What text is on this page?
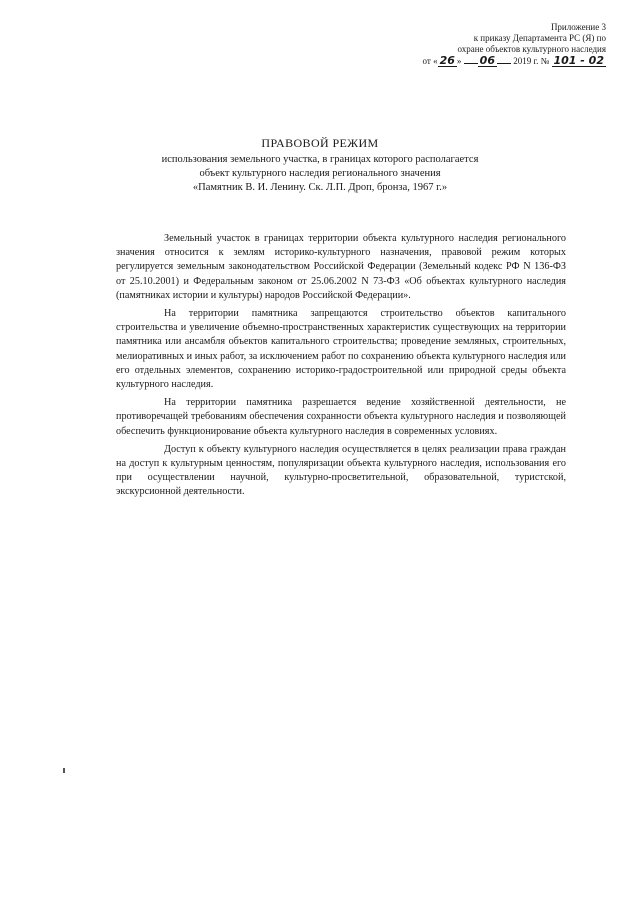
Приложение 3
к приказу Департамента РС (Я) по
охране объектов культурного наследия
от « 26 » 06 2019 г. № 101 - 02
ПРАВОВОЙ РЕЖИМ
использования земельного участка, в границах которого располагается
объект культурного наследия регионального значения
«Памятник В. И. Ленину. Ск. Л.П. Дроп, бронза, 1967 г.»

Земельный участок в границах территории объекта культурного наследия регионального значения относится к землям историко-культурного назначения, правовой режим которых регулируется земельным законодательством Российской Федерации (Земельный кодекс РФ N 136-ФЗ от 25.10.2001) и Федеральным законом от 25.06.2002 N 73-ФЗ «Об объектах культурного наследия (памятниках истории и культуры) народов Российской Федерации».

На территории памятника запрещаются строительство объектов капитального строительства и увеличение объемно-пространственных характеристик существующих на территории памятника или ансамбля объектов капитального строительства; проведение земляных, строительных, мелиоративных и иных работ, за исключением работ по сохранению объекта культурного наследия или его отдельных элементов, сохранению историко-градостроительной или природной среды объекта культурного наследия.

На территории памятника разрешается ведение хозяйственной деятельности, не противоречащей требованиям обеспечения сохранности объекта культурного наследия и позволяющей обеспечить функционирование объекта культурного наследия в современных условиях.

Доступ к объекту культурного наследия осуществляется в целях реализации права граждан на доступ к культурным ценностям, популяризации объекта культурного наследия, использования его при осуществлении научной, культурно-просветительной, образовательной, туристской, экскурсионной деятельности.
